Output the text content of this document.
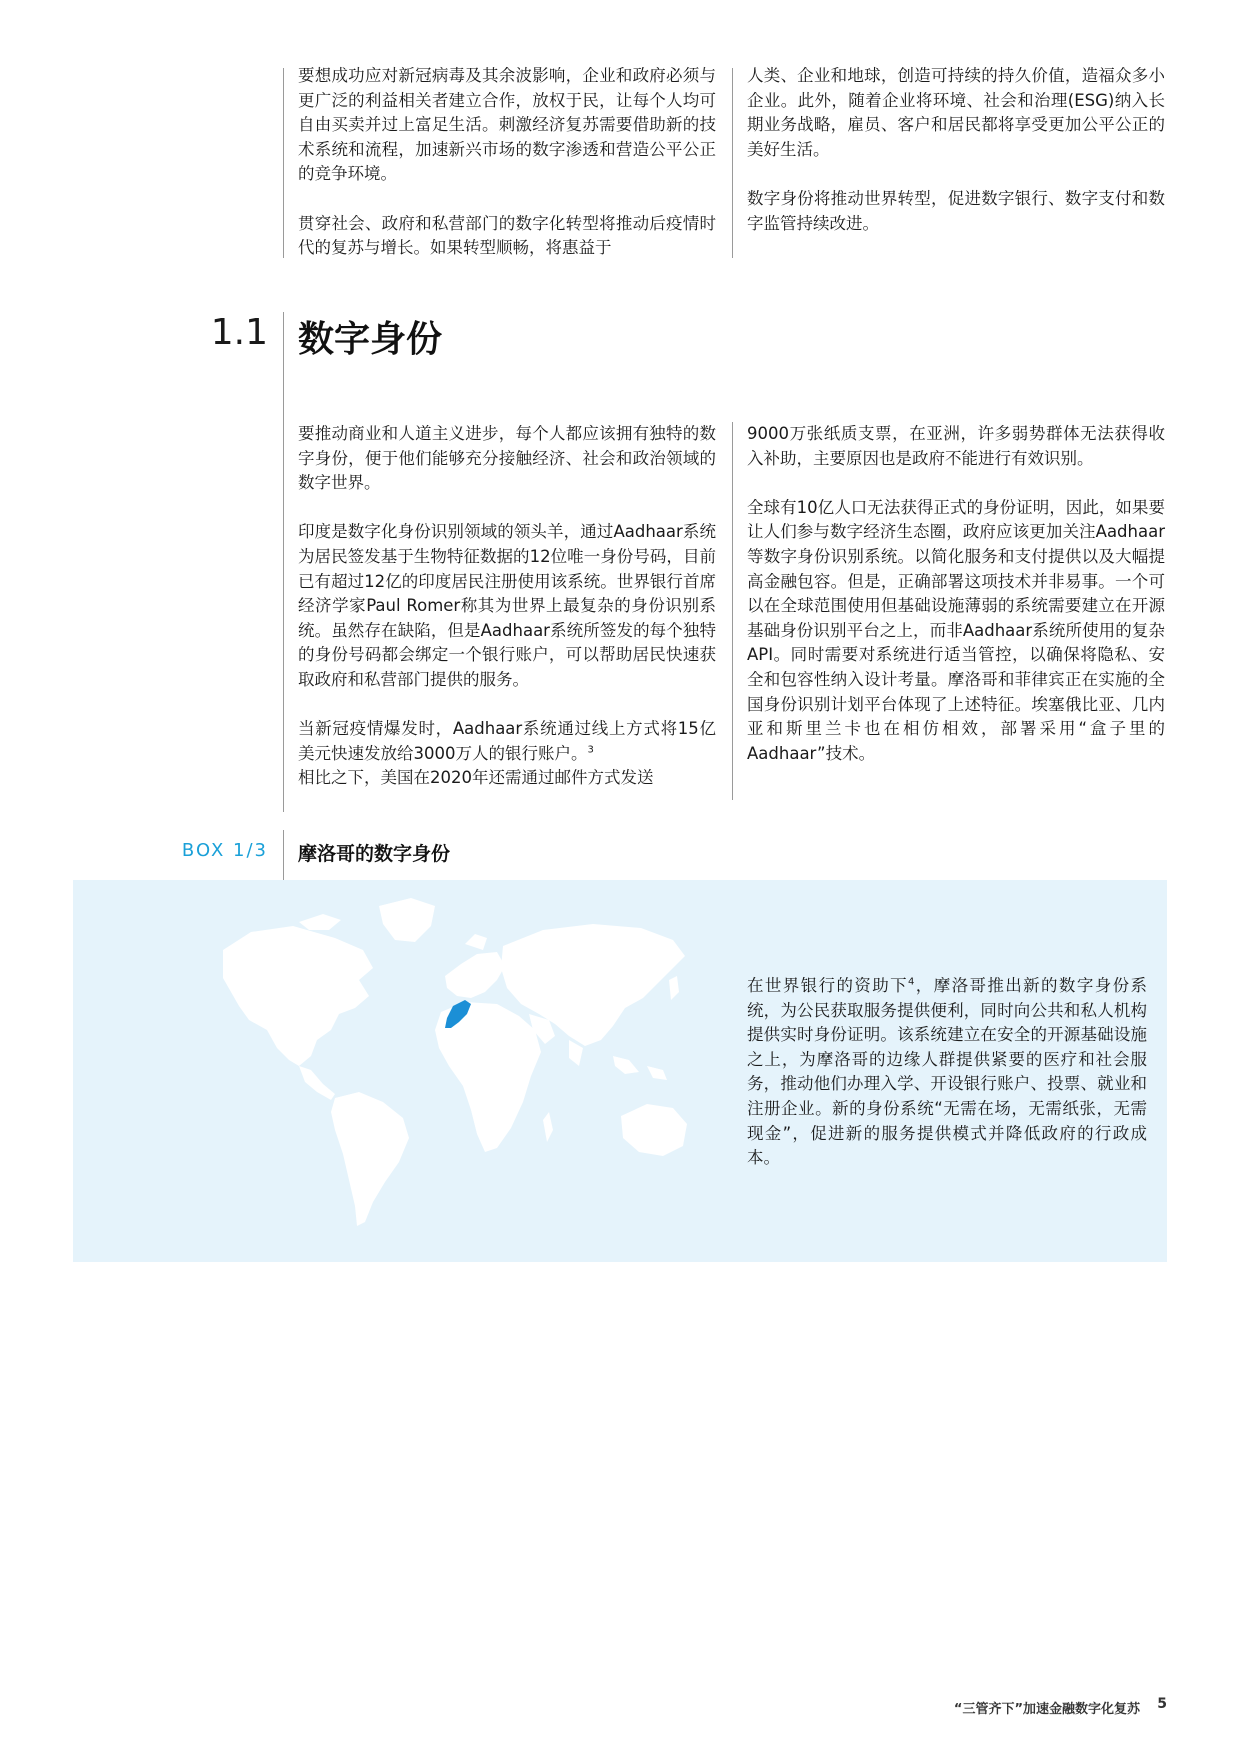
要想成功应对新冠病毒及其余波影响，企业和政府必须与更广泛的利益相关者建立合作，放权于民，让每个人均可自由买卖并过上富足生活。刺激经济复苏需要借助新的技术系统和流程，加速新兴市场的数字渗透和营造公平公正的竞争环境。

贯穿社会、政府和私营部门的数字化转型将推动后疫情时代的复苏与增长。如果转型顺畅，将惠益于

人类、企业和地球，创造可持续的持久价值，造福众多小企业。此外，随着企业将环境、社会和治理(ESG)纳入长期业务战略，雇员、客户和居民都将享受更加公平公正的美好生活。

数字身份将推动世界转型，促进数字银行、数字支付和数字监管持续改进。

1.1 数字身份

要推动商业和人道主义进步，每个人都应该拥有独特的数字身份，便于他们能够充分接触经济、社会和政治领域的数字世界。

印度是数字化身份识别领域的领头羊，通过Aadhaar系统为居民签发基于生物特征数据的12位唯一身份号码，目前已有超过12亿的印度居民注册使用该系统。世界银行首席经济学家Paul Romer称其为世界上最复杂的身份识别系统。虽然存在缺陷，但是Aadhaar系统所签发的每个独特的身份号码都会绑定一个银行账户，可以帮助居民快速获取政府和私营部门提供的服务。

当新冠疫情爆发时，Aadhaar系统通过线上方式将15亿美元快速发放给3000万人的银行账户。$^3$
相比之下，美国在2020年还需通过邮件方式发送

9000万张纸质支票，在亚洲，许多弱势群体无法获得收入补助，主要原因也是政府不能进行有效识别。

全球有10亿人口无法获得正式的身份证明，因此，如果要让人们参与数字经济生态圈，政府应该更加关注Aadhaar等数字身份识别系统。以简化服务和支付提供以及大幅提高金融包容。但是，正确部署这项技术并非易事。一个可以在全球范围使用但基础设施薄弱的系统需要建立在开源基础身份识别平台之上，而非Aadhaar系统所使用的复杂API。同时需要对系统进行适当管控，以确保将隐私、安全和包容性纳入设计考量。摩洛哥和菲律宾正在实施的全国身份识别计划平台体现了上述特征。埃塞俄比亚、几内亚和斯里兰卡也在相仿相效，部署采用“盒子里的Aadhaar”技术。

BOX 1/3 摩洛哥的数字身份
在世界银行的资助下$^4$，摩洛哥推出新的数字身份系统，为公民获取服务提供便利，同时向公共和私人机构提供实时身份证明。该系统建立在安全的开源基础设施之上，为摩洛哥的边缘人群提供紧要的医疗和社会服务，推动他们办理入学、开设银行账户、投票、就业和注册企业。新的身份系统“无需在场，无需纸张，无需现金”，促进新的服务提供模式并降低政府的行政成本。
“三管齐下”加速金融数字化复苏 5
